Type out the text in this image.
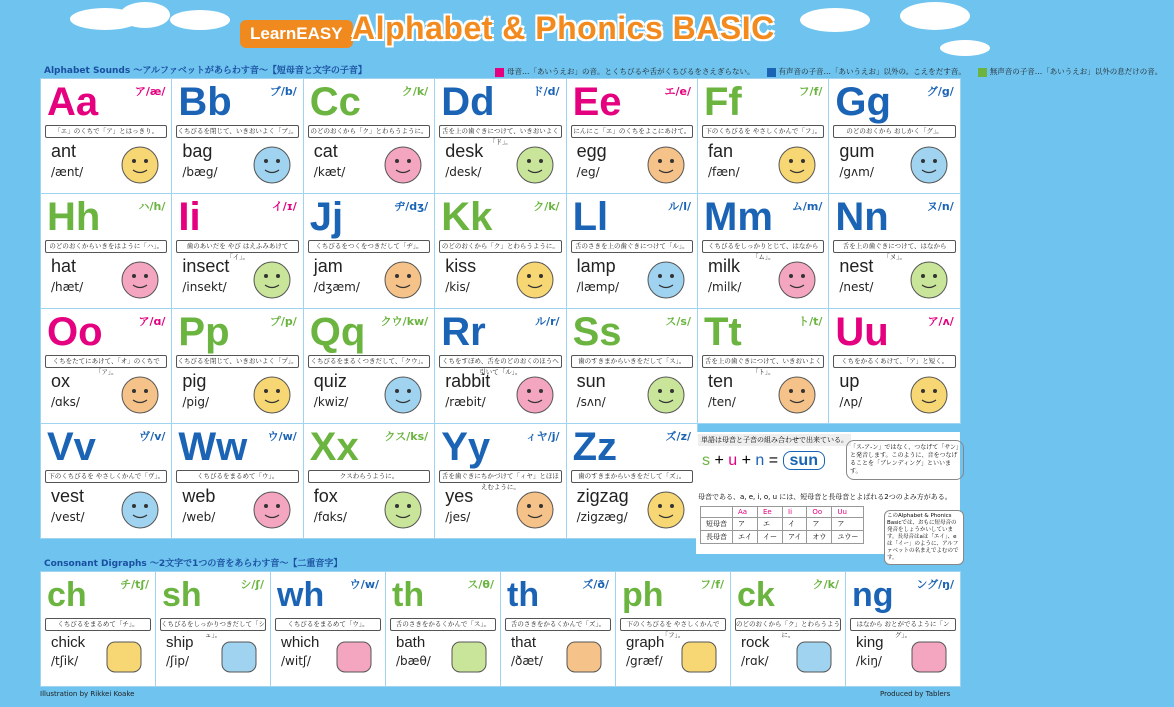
LearnEASY Alphabet & Phonics BASIC
Alphabet Sounds 〜アルファベットがあらわす音〜【短母音と文字の子音】	母音…「あいうえお」の音。とくちびるや舌がくちびるをさえぎらない。	有声音の子音…「あいうえお」以外の。こえをだす音。	無声音の子音…「あいうえお」以外の息だけの音。
Aa	ア/æ/
「エ」のくちで「ア」とはっきり。
ant
/ænt/
Bb	ブ/b/
くちびるを閉じて、いきおいよく「ブ」。
bag
/bæg/
Cc	ク/k/
のどのおくから「ク」とわらうように。
cat
/kæt/
Dd	ド/d/
舌を上の歯ぐきにつけて、いきおいよく「ド」。
desk
/desk/
Ee	エ/e/
にんにこ「エ」のくちをよこにあけて。
egg
/eg/
Ff	フ/f/
下のくちびるを やさしくかんで「フ」。
fan
/fæn/
Gg	グ/g/
のどのおくから おしかく「グ」。
gum
/gʌm/
Hh	ハ/h/
のどのおくからいきをはように「ハ」。
hat
/hæt/
Ii	イ/ɪ/
歯のあいだを やび はえふみあけて「イ」。
insect
/insekt/
Jj	ヂ/dʒ/
くちびるをつくをつきだして「ヂ」。
jam
/dʒæm/
Kk	ク/k/
のどのおくから「ク」とわらうように。
kiss
/kis/
Ll	ル/l/
舌のさきを上の歯ぐきにつけて「ル」。
lamp
/læmp/
Mm ム/m/
くちびるをしっかりとじて、はなから「ム」。
milk
/milk/
Nn	ヌ/n/
舌を上の歯ぐきにつけて、はなから「ヌ」。
nest
/nest/
Oo	ア/ɑ/
くちをたてにあけて、「オ」のくちで「ア」。
ox
/ɑks/
Pp	プ/p/
くちびるを閉じて、いきおいよく「プ」。
pig
/pig/
Qq クウ/kw/
くちびるをまるくつきだして、「クウ」。
quiz
/kwiz/
Rr	ル/r/
くちをすぼめ、舌をのどのおくのほうへ引いて「ル」。
rabbit
/ræbit/
Ss	ス/s/
歯のすきまからいきをだして「ス」。
sun
/sʌn/
Tt	ト/t/
舌を上の歯ぐきにつけて、いきおいよく「ト」。
ten
/ten/
Uu	ア/ʌ/
くちをかるくあけて、「ア」と短く。
up
/ʌp/
Vv	ヴ/v/
下のくちびるを やさしくかんで「ヴ」。
vest
/vest/
Ww ウ/w/
くちびるをまるめて「ウ」。
web
/web/
Xx クス/ks/
クスわらうように。
fox
/fɑks/
Yy	ィヤ/j/
舌を歯ぐきにちかづけて「ィヤ」とほほえむように。
yes
/jes/
Zz	ズ/z/
歯のすきまからいきをだして「ズ」。
zigzag
/zigzæg/
単語は母音と子音の組み合わせで出来ている。
s + u + n = sun
「ス-ア-ン」ではなく、つなげて「サン」と発音します。このように、音をつなげることを「ブレンディング」といいます。
母音である、a, e, i, o, u には、短母音と長母音とよばれる2つのよみ方がある。
	Aa	Ee	Ii	Oo	Uu
短母音	ア	エ	イ	ア	ア
長母音	エイ	イー	アイ	オウ	ユウー
このAlphabet & Phonics Basicでは、おもに短母音の発音をしょうかいしています。長母音はaは「エイ」、eは「イー」のように、アルファベットの名まえでよむのです。
Consonant Digraphs 〜2文字で1つの音をあらわす音〜【二重音字】
ch	チ/tʃ/
くちびるをまるめて「チ」。
chick
/tʃik/
sh	シ/ʃ/
くちびるをしっかりつきだして「シュ」。
ship
/ʃip/
wh ウ/w/
くちびるをまるめて「ウ」。
which
/witʃ/
th	ス/θ/
舌のさきをかるくかんで「ス」。
bath
/bæθ/
th	ズ/ð/
舌のさきをかるくかんで「ズ」。
that
/ðæt/
ph	フ/f/
下のくちびるを やさしくかんで「フ」。
graph
/græf/
ck	ク/k/
のどのおくから「ク」とわらうように。
rock
/rɑk/
ng ング/ŋ/
はなから おとがでるように「ング」。
king
/kiŋ/
Illustration by Rikkei Koake	Produced by Tablers
